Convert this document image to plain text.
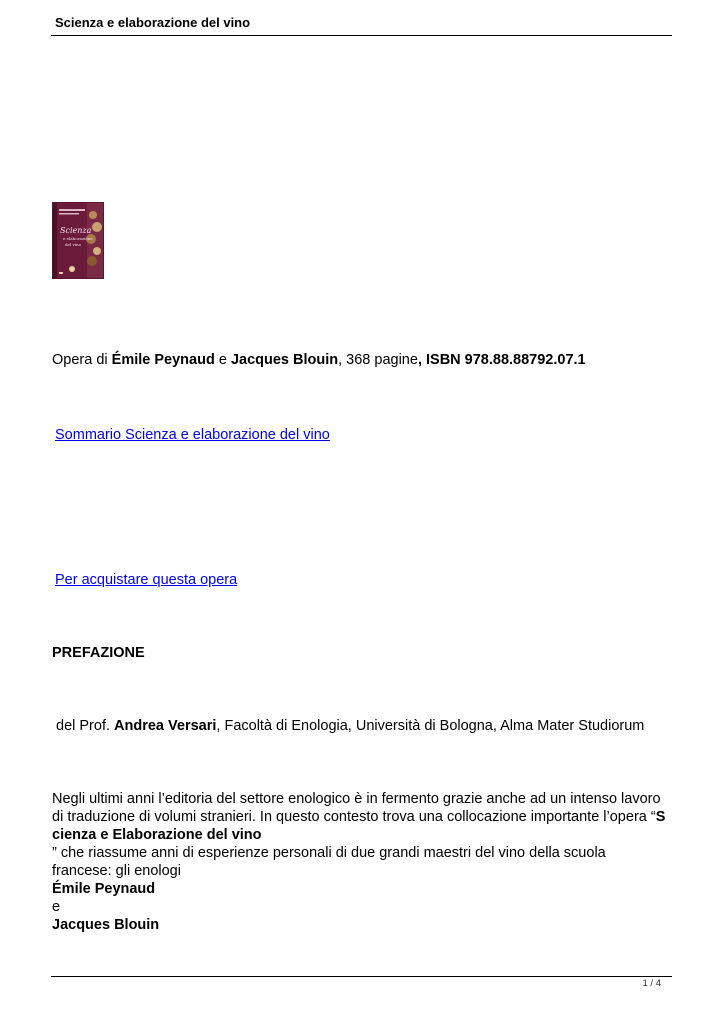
Scienza e elaborazione del vino
Scienza
e elaborazione
del vino
Opera di Émile Peynaud e Jacques Blouin, 368 pagine, ISBN 978.88.88792.07.1
Sommario Scienza e elaborazione del vino
Per acquistare questa opera
PREFAZIONE
del Prof. Andrea Versari, Facoltà di Enologia, Università di Bologna, Alma Mater Studiorum
Negli ultimi anni l’editoria del settore enologico è in fermento grazie anche ad un intenso lavoro
di traduzione di volumi stranieri. In questo contesto trova una collocazione importante l’opera “S
cienza e Elaborazione del vino
” che riassume anni di esperienze personali di due grandi maestri del vino della scuola
francese: gli enologi
Émile Peynaud
e
Jacques Blouin
1 / 4
